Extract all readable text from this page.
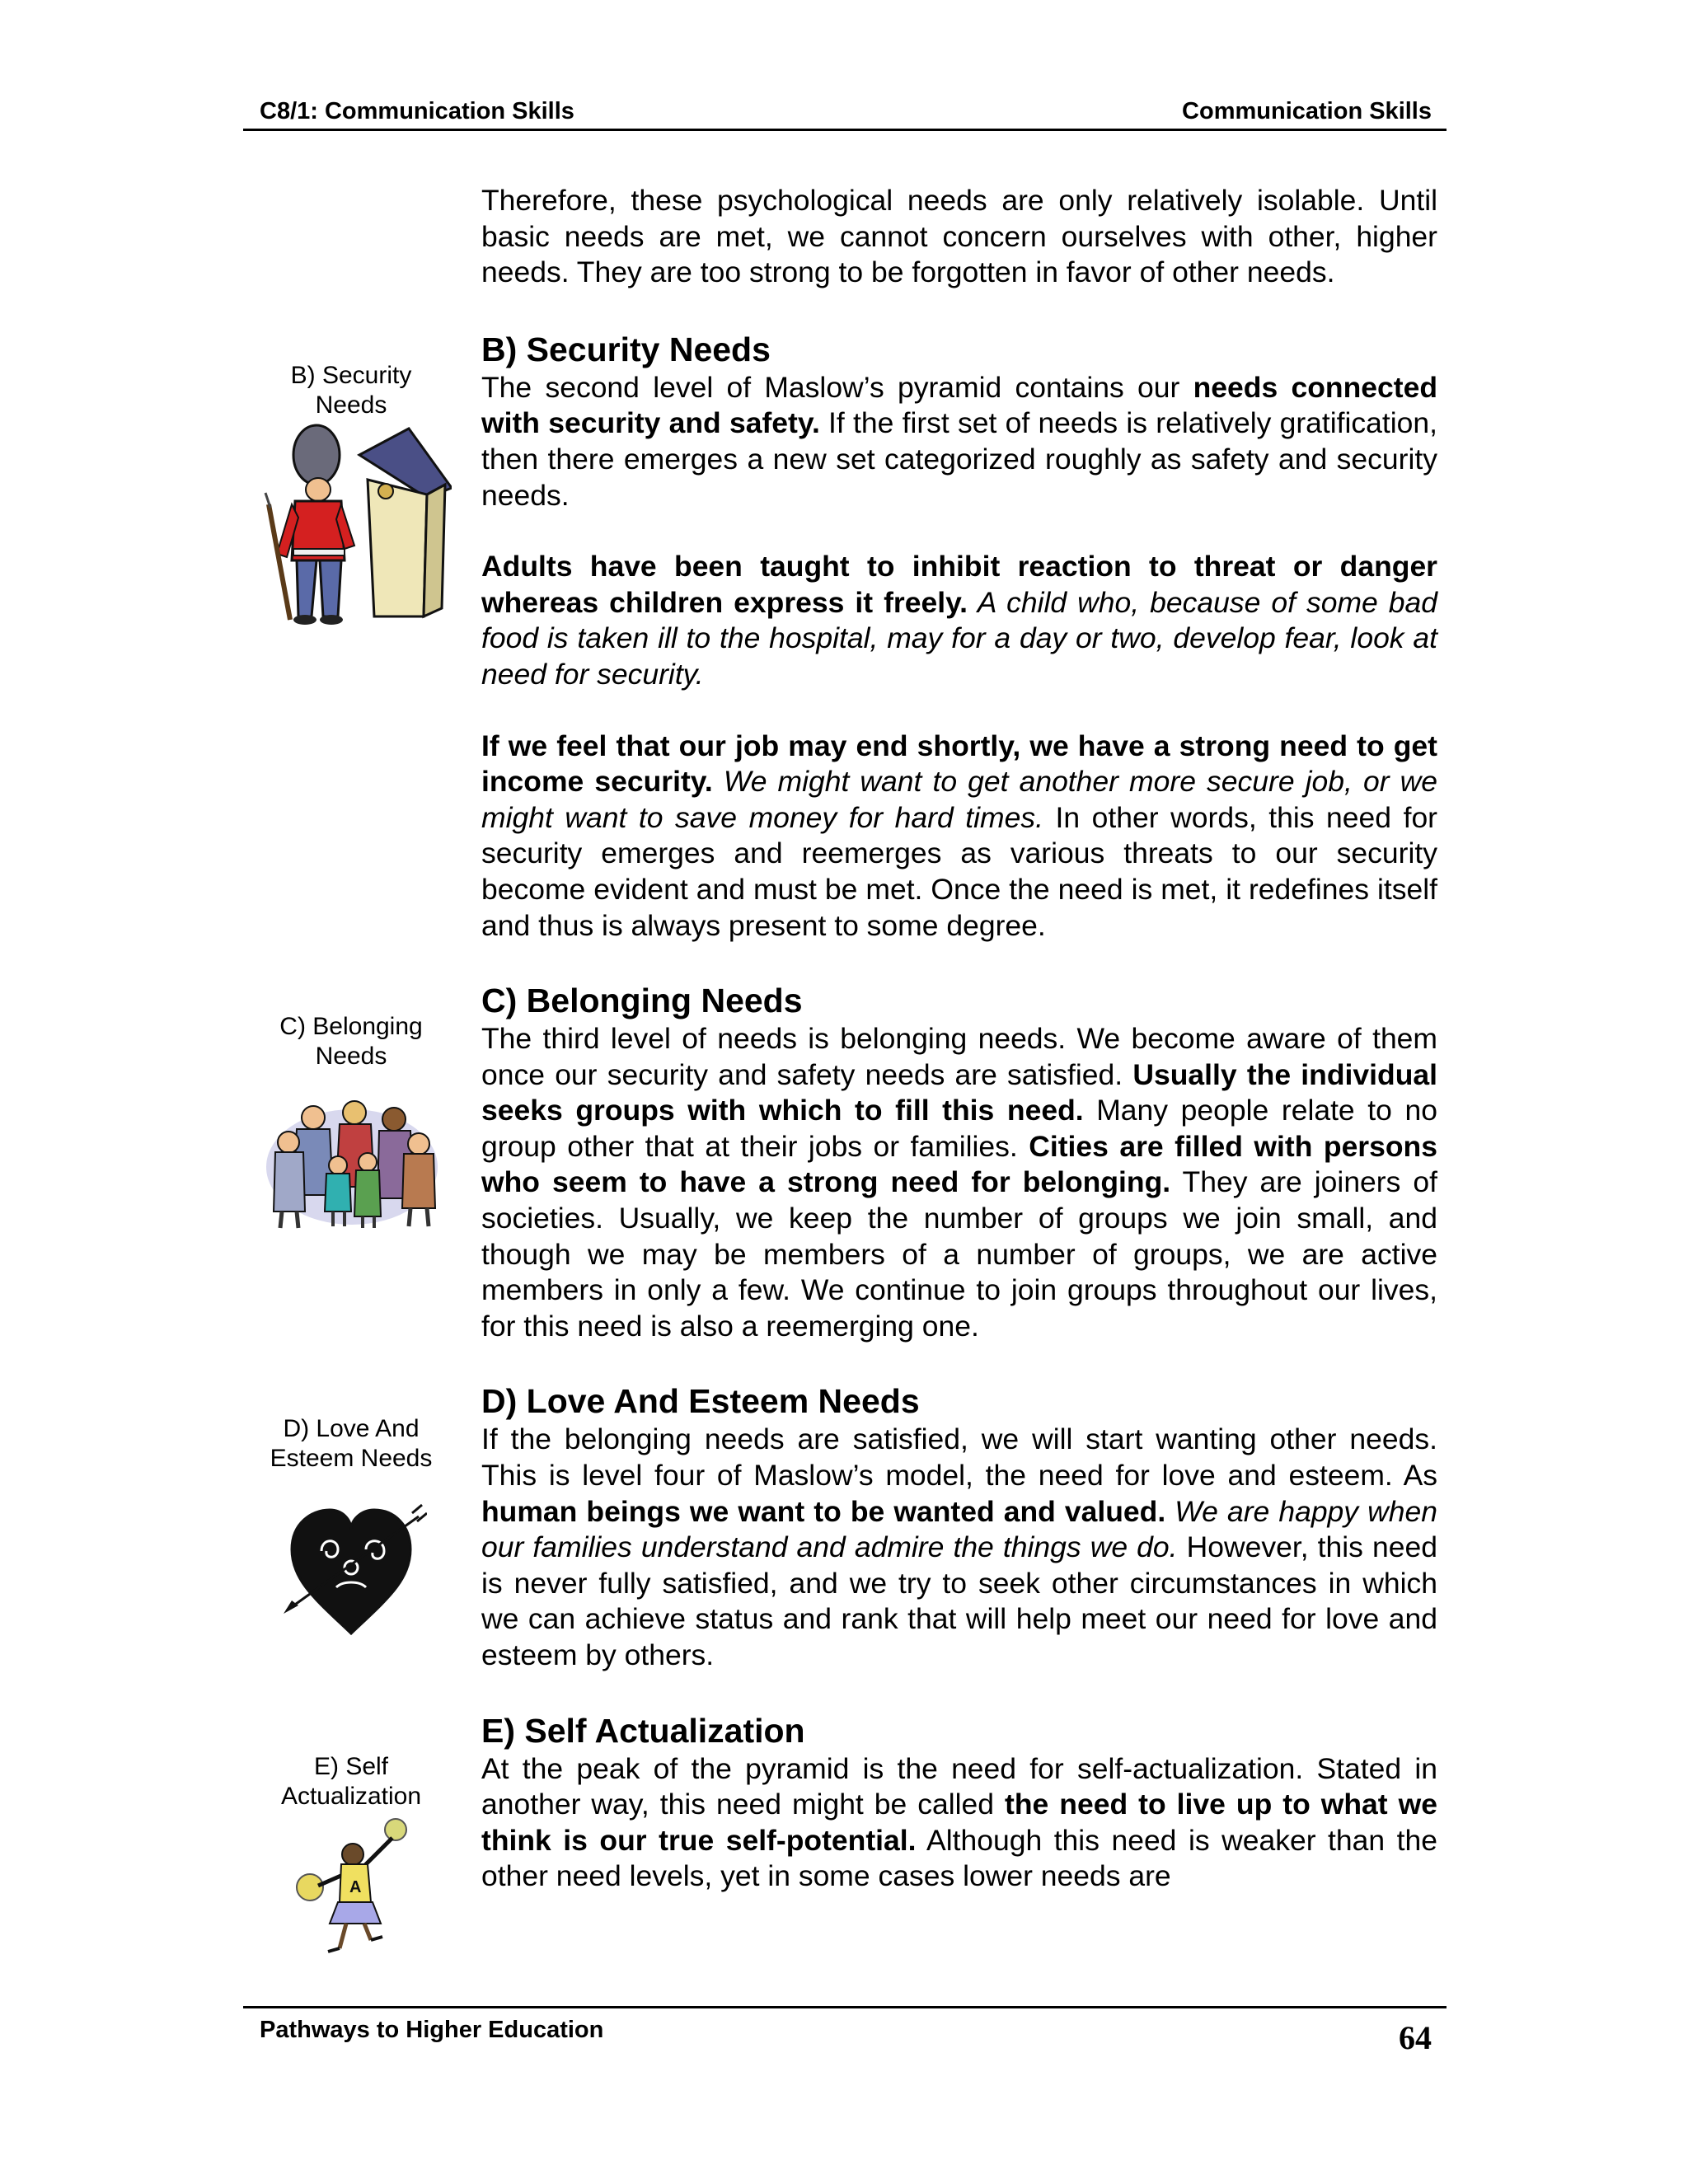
C8/1: Communication Skills	Communication Skills
B) Security
Needs
C) Belonging
Needs
D) Love And
Esteem Needs
E) Self
Actualization
A

Therefore, these psychological needs are only relatively isolable. Until basic needs are met, we cannot concern ourselves with other, higher needs. They are too strong to be forgotten in favor of other needs.

B) Security Needs

The second level of Maslow’s pyramid contains our needs connected with security and safety. If the first set of needs is relatively gratification, then there emerges a new set categorized roughly as safety and security needs.

Adults have been taught to inhibit reaction to threat or danger whereas children express it freely. A child who, because of some bad food is taken ill to the hospital, may for a day or two, develop fear, look at need for security.

If we feel that our job may end shortly, we have a strong need to get income security. We might want to get another more secure job, or we might want to save money for hard times. In other words, this need for security emerges and reemerges as various threats to our security become evident and must be met. Once the need is met, it redefines itself and thus is always present to some degree.

C) Belonging Needs

The third level of needs is belonging needs. We become aware of them once our security and safety needs are satisfied. Usually the individual seeks groups with which to fill this need. Many people relate to no group other that at their jobs or families. Cities are filled with persons who seem to have a strong need for belonging. They are joiners of societies. Usually, we keep the number of groups we join small, and though we may be members of a number of groups, we are active members in only a few. We continue to join groups throughout our lives, for this need is also a reemerging one.

D) Love And Esteem Needs

If the belonging needs are satisfied, we will start wanting other needs. This is level four of Maslow’s model, the need for love and esteem. As human beings we want to be wanted and valued. We are happy when our families understand and admire the things we do. However, this need is never fully satisfied, and we try to seek other circumstances in which we can achieve status and rank that will help meet our need for love and esteem by others.

E) Self Actualization

At the peak of the pyramid is the need for self-actualization. Stated in another way, this need might be called the need to live up to what we think is our true self-potential. Although this need is weaker than the other need levels, yet in some cases lower needs are

Pathways to Higher Education	64
